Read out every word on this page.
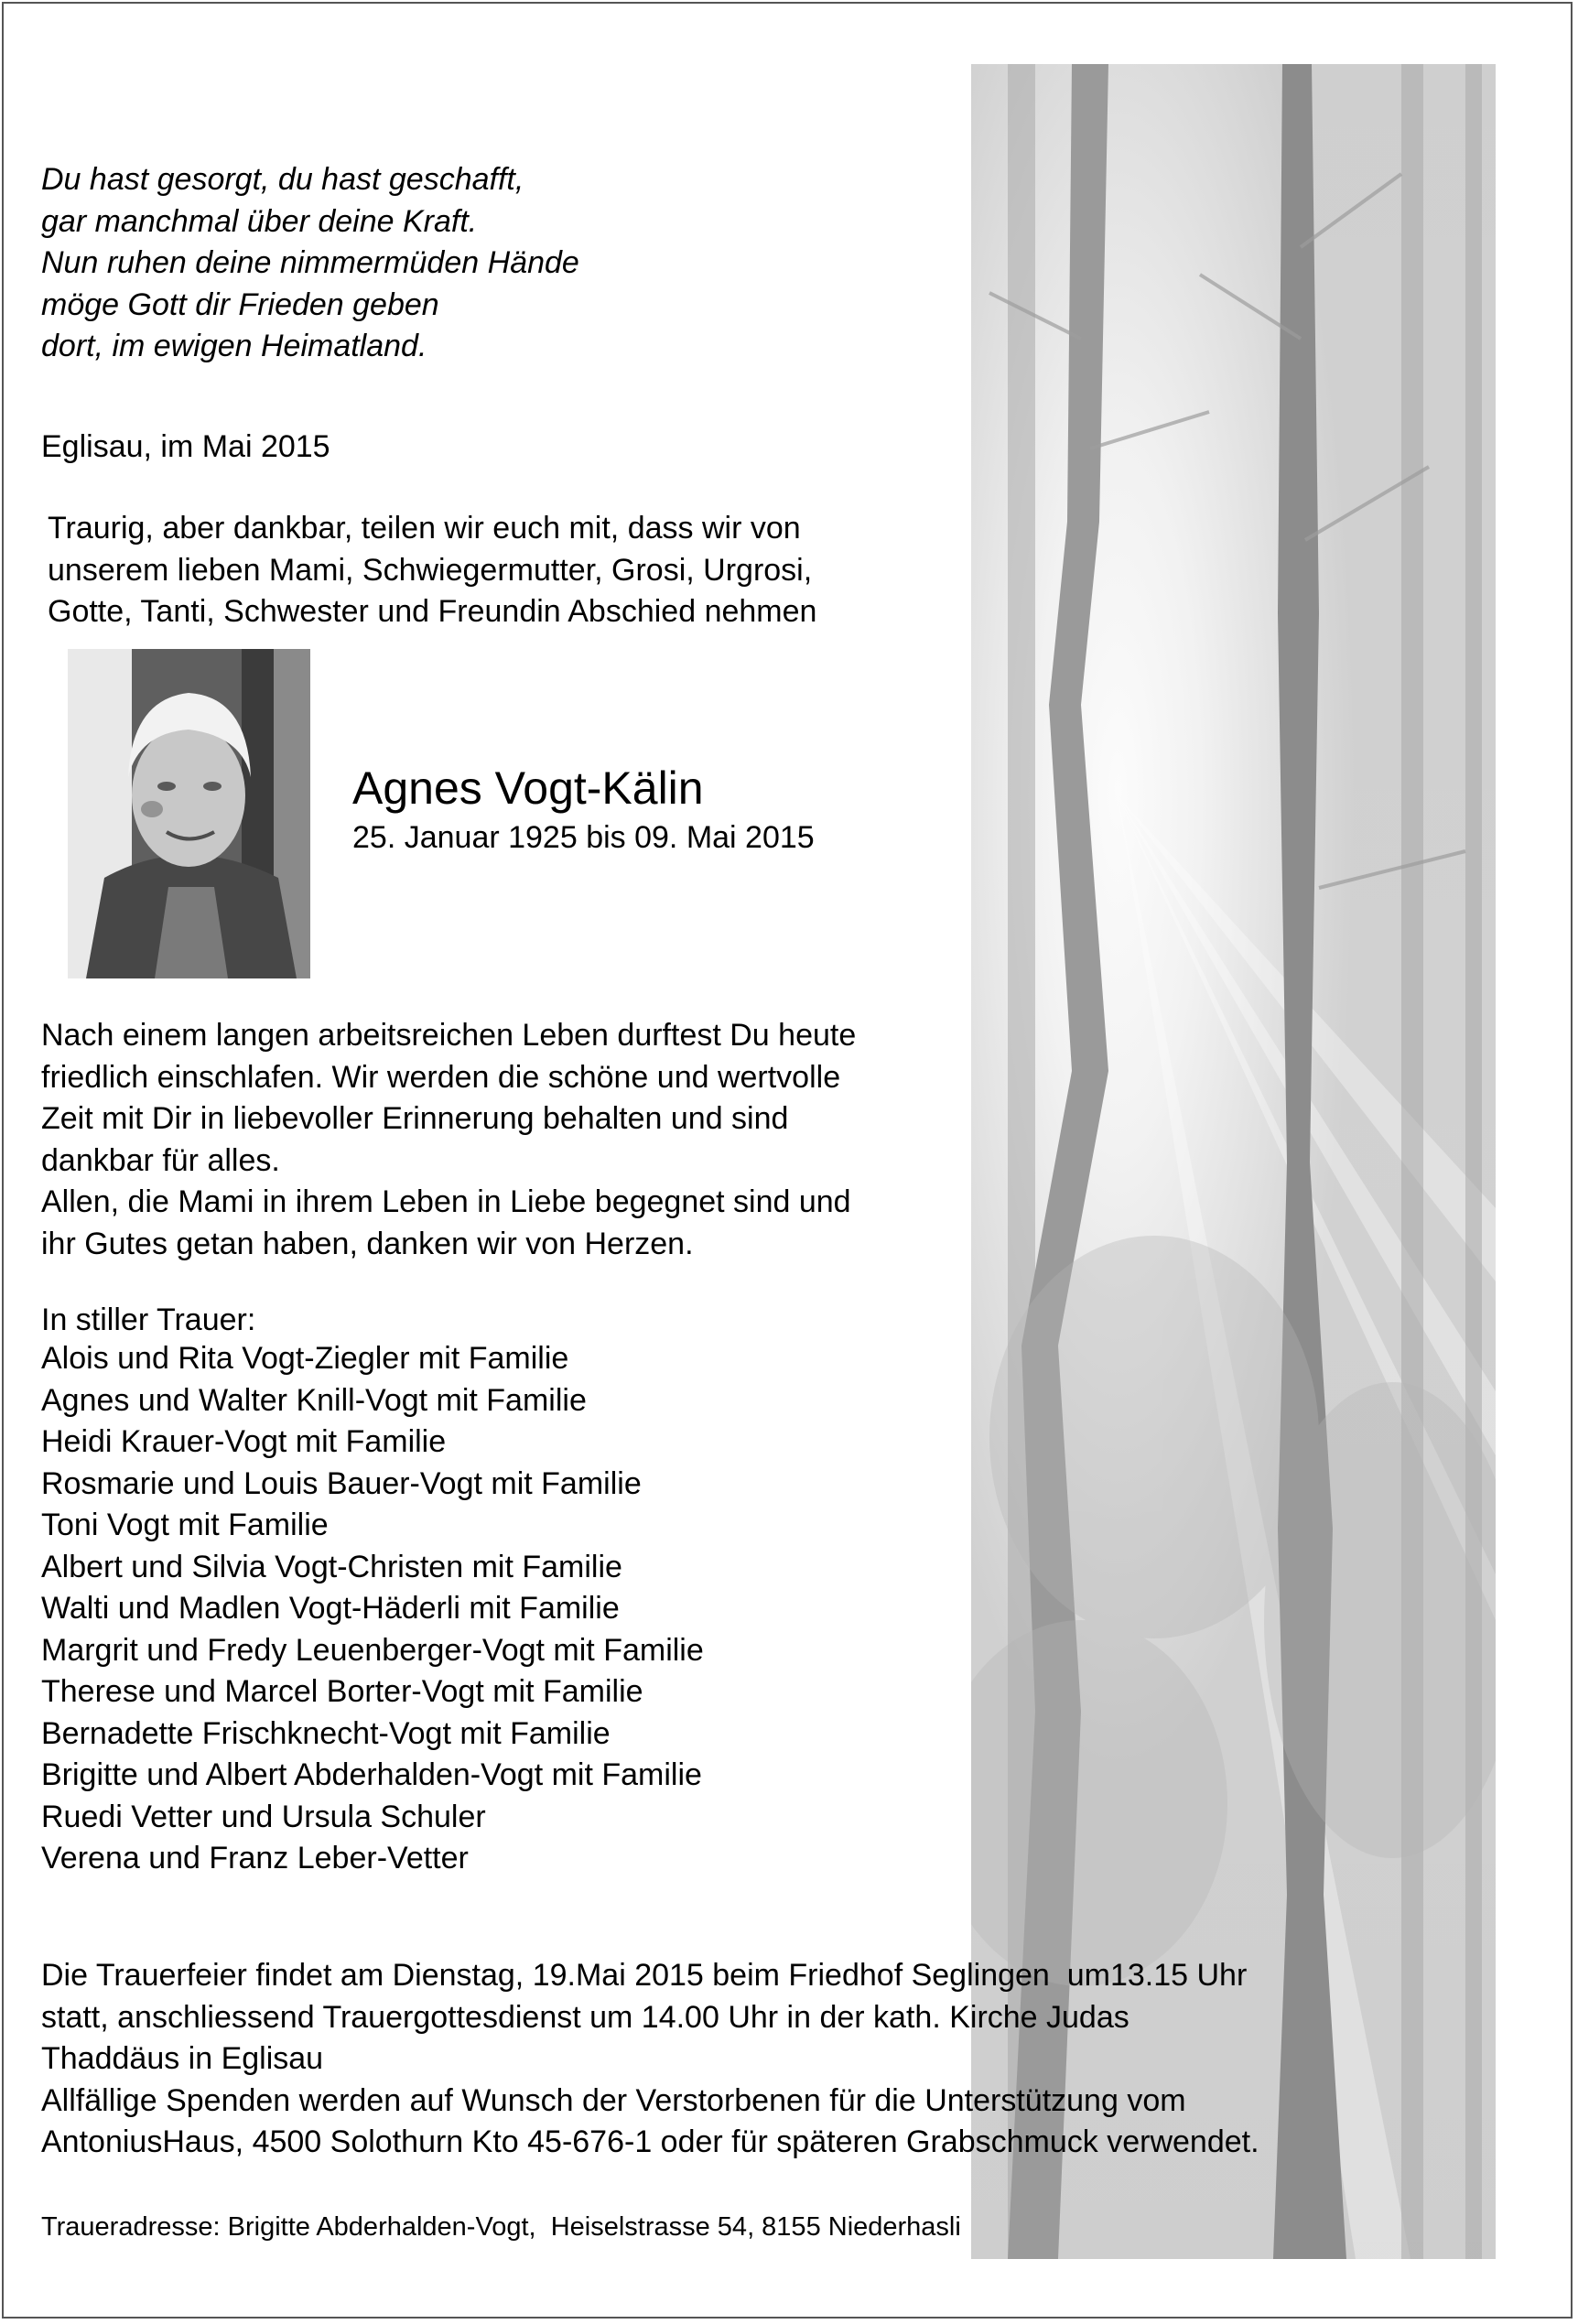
Du hast gesorgt, du hast geschafft,
gar manchmal über deine Kraft.
Nun ruhen deine nimmermüden Hände
möge Gott dir Frieden geben
dort, im ewigen Heimatland.
Eglisau, im Mai 2015
Traurig, aber dankbar, teilen wir euch mit, dass wir von
unserem lieben Mami, Schwiegermutter, Grosi, Urgrosi,
Gotte, Tanti, Schwester und Freundin Abschied nehmen
Agnes Vogt-Kälin
25. Januar 1925 bis 09. Mai 2015
Nach einem langen arbeitsreichen Leben durftest Du heute
friedlich einschlafen. Wir werden die schöne und wertvolle
Zeit mit Dir in liebevoller Erinnerung behalten und sind
dankbar für alles.
Allen, die Mami in ihrem Leben in Liebe begegnet sind und
ihr Gutes getan haben, danken wir von Herzen.
In stiller Trauer:
Alois und Rita Vogt-Ziegler mit Familie
Agnes und Walter Knill-Vogt mit Familie
Heidi Krauer-Vogt mit Familie
Rosmarie und Louis Bauer-Vogt mit Familie
Toni Vogt mit Familie
Albert und Silvia Vogt-Christen mit Familie
Walti und Madlen Vogt-Häderli mit Familie
Margrit und Fredy Leuenberger-Vogt mit Familie
Therese und Marcel Borter-Vogt mit Familie
Bernadette Frischknecht-Vogt mit Familie
Brigitte und Albert Abderhalden-Vogt mit Familie
Ruedi Vetter und Ursula Schuler
Verena und Franz Leber-Vetter
Die Trauerfeier findet am Dienstag, 19.Mai 2015 beim Friedhof Seglingen  um13.15 Uhr
statt, anschliessend Trauergottesdienst um 14.00 Uhr in der kath. Kirche Judas
Thaddäus in Eglisau
Allfällige Spenden werden auf Wunsch der Verstorbenen für die Unterstützung vom
AntoniusHaus, 4500 Solothurn Kto 45-676-1 oder für späteren Grabschmuck verwendet.
Traueradresse: Brigitte Abderhalden-Vogt,  Heiselstrasse 54, 8155 Niederhasli
